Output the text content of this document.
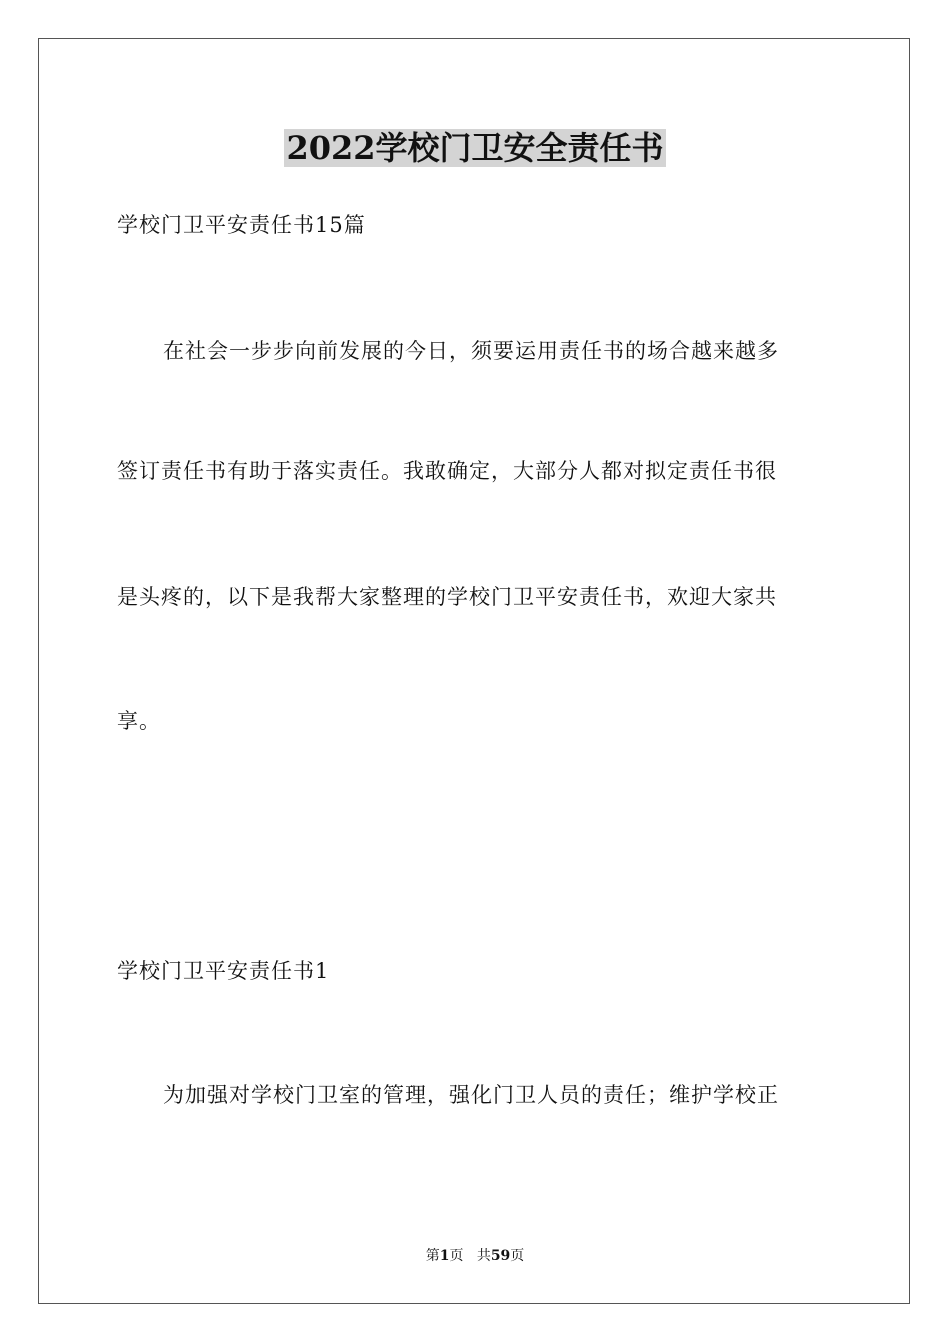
2022学校门卫安全责任书
学校门卫平安责任书15篇
在社会一步步向前发展的今日，须要运用责任书的场合越来越多
签订责任书有助于落实责任。我敢确定，大部分人都对拟定责任书很
是头疼的，以下是我帮大家整理的学校门卫平安责任书，欢迎大家共
享。
学校门卫平安责任书1
为加强对学校门卫室的管理，强化门卫人员的责任；维护学校正
第1页 共59页
